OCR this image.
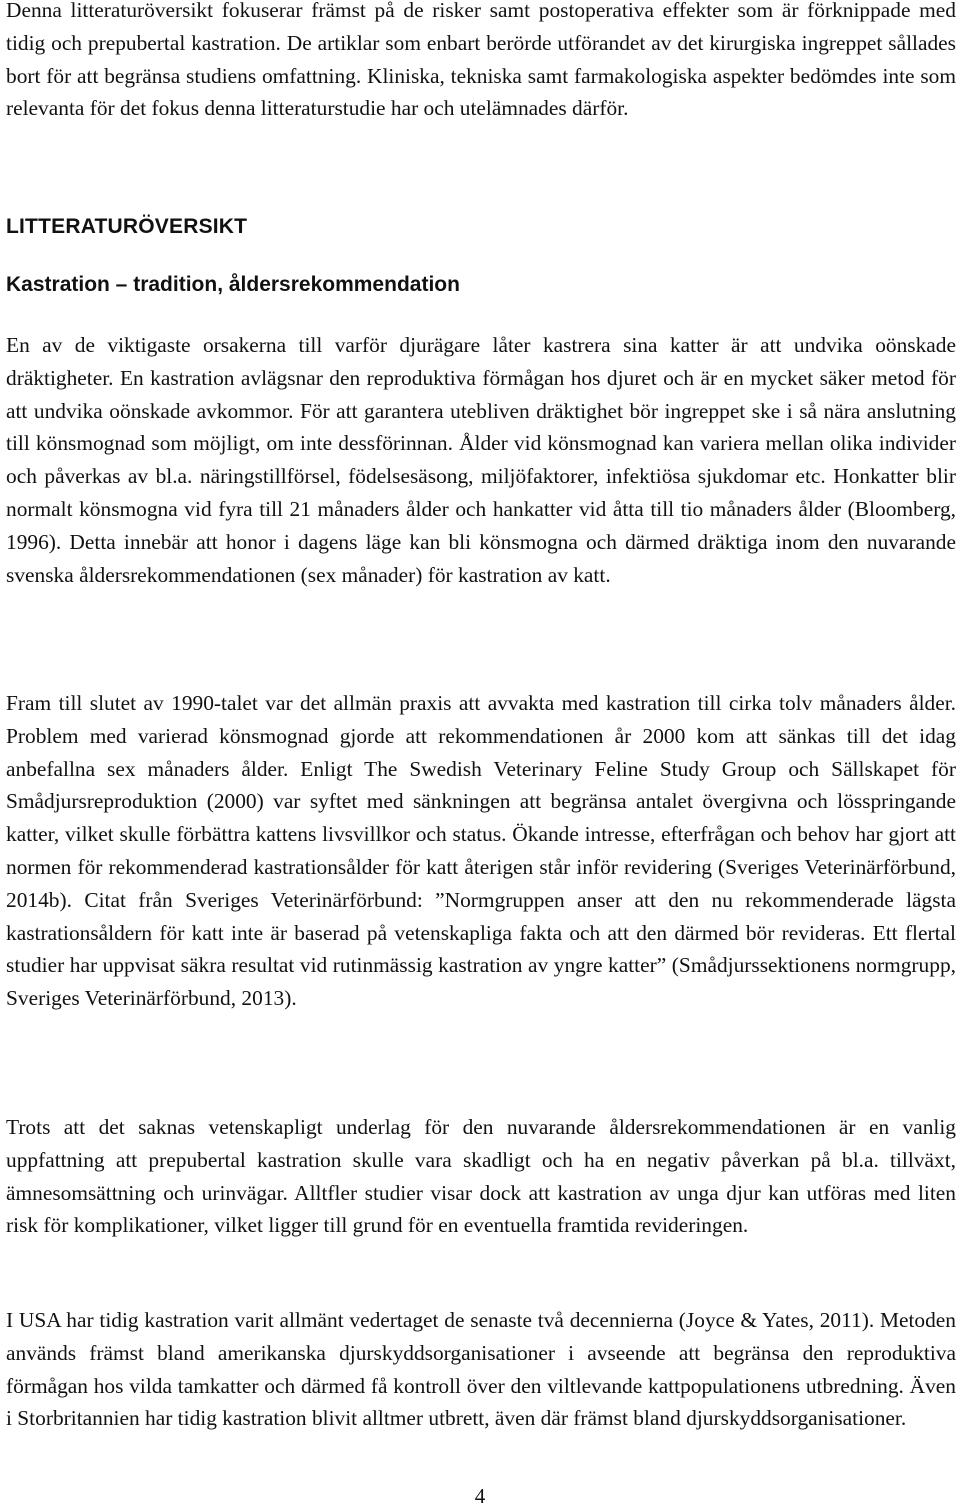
Denna litteraturöversikt fokuserar främst på de risker samt postoperativa effekter som är förknippade med tidig och prepubertal kastration. De artiklar som enbart berörde utförandet av det kirurgiska ingreppet sållades bort för att begränsa studiens omfattning. Kliniska, tekniska samt farmakologiska aspekter bedömdes inte som relevanta för det fokus denna litteraturstudie har och utelämnades därför.

LITTERATURÖVERSIKT
Kastration – tradition, åldersrekommendation

En av de viktigaste orsakerna till varför djurägare låter kastrera sina katter är att undvika oönskade dräktigheter. En kastration avlägsnar den reproduktiva förmågan hos djuret och är en mycket säker metod för att undvika oönskade avkommor. För att garantera utebliven dräktighet bör ingreppet ske i så nära anslutning till könsmognad som möjligt, om inte dessförinnan. Ålder vid könsmognad kan variera mellan olika individer och påverkas av bl.a. näringstillförsel, födelsesäsong, miljöfaktorer, infektiösa sjukdomar etc. Honkatter blir normalt könsmogna vid fyra till 21 månaders ålder och hankatter vid åtta till tio månaders ålder (Bloomberg, 1996). Detta innebär att honor i dagens läge kan bli könsmogna och därmed dräktiga inom den nuvarande svenska åldersrekommendationen (sex månader) för kastration av katt.

Fram till slutet av 1990-talet var det allmän praxis att avvakta med kastration till cirka tolv månaders ålder. Problem med varierad könsmognad gjorde att rekommendationen år 2000 kom att sänkas till det idag anbefallna sex månaders ålder. Enligt The Swedish Veterinary Feline Study Group och Sällskapet för Smådjursreproduktion (2000) var syftet med sänkningen att begränsa antalet övergivna och lösspringande katter, vilket skulle förbättra kattens livsvillkor och status. Ökande intresse, efterfrågan och behov har gjort att normen för rekommenderad kastrationsålder för katt återigen står inför revidering (Sveriges Veterinärförbund, 2014b). Citat från Sveriges Veterinärförbund: ”Normgruppen anser att den nu rekommenderade lägsta kastrationsåldern för katt inte är baserad på vetenskapliga fakta och att den därmed bör revideras. Ett flertal studier har uppvisat säkra resultat vid rutinmässig kastration av yngre katter” (Smådjurssektionens normgrupp, Sveriges Veterinärförbund, 2013).

Trots att det saknas vetenskapligt underlag för den nuvarande åldersrekommendationen är en vanlig uppfattning att prepubertal kastration skulle vara skadligt och ha en negativ påverkan på bl.a. tillväxt, ämnesomsättning och urinvägar. Alltfler studier visar dock att kastration av unga djur kan utföras med liten risk för komplikationer, vilket ligger till grund för en eventuella framtida revideringen.

I USA har tidig kastration varit allmänt vedertaget de senaste två decennierna (Joyce & Yates, 2011). Metoden används främst bland amerikanska djurskyddsorganisationer i avseende att begränsa den reproduktiva förmågan hos vilda tamkatter och därmed få kontroll över den viltlevande kattpopulationens utbredning. Även i Storbritannien har tidig kastration blivit alltmer utbrett, även där främst bland djurskyddsorganisationer.

4
